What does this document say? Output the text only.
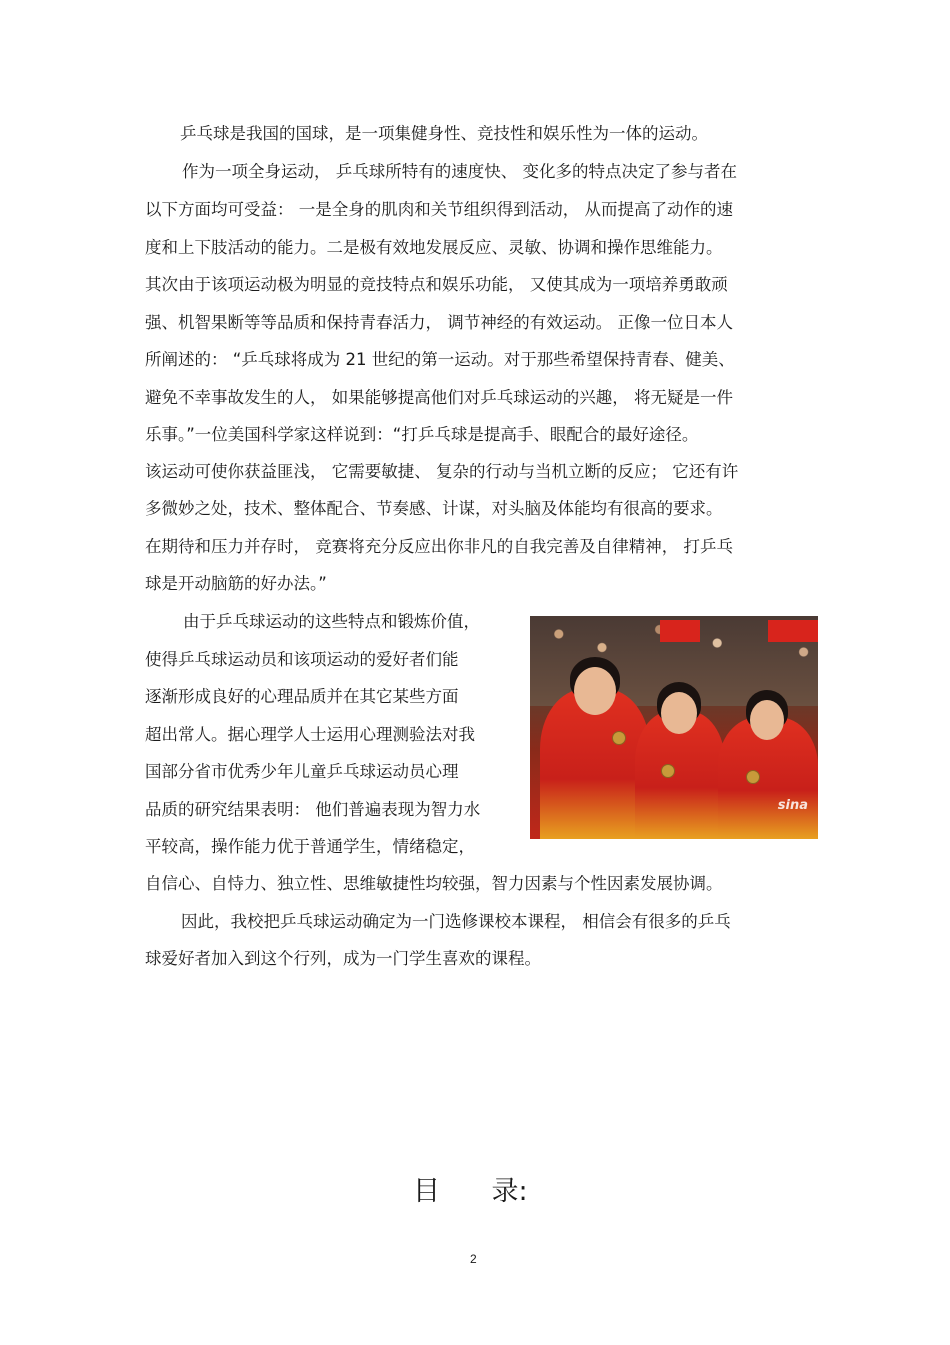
乒乓球是我国的国球，是一项集健身性、竞技性和娱乐性为一体的运动。
作为一项全身运动， 乒乓球所特有的速度快、 变化多的特点决定了参与者在
以下方面均可受益： 一是全身的肌肉和关节组织得到活动， 从而提高了动作的速
度和上下肢活动的能力。二是极有效地发展反应、灵敏、协调和操作思维能力。
其次由于该项运动极为明显的竞技特点和娱乐功能， 又使其成为一项培养勇敢顽
强、机智果断等等品质和保持青春活力， 调节神经的有效运动。 正像一位日本人
所阐述的： “乒乓球将成为 21 世纪的第一运动。对于那些希望保持青春、健美、
避免不幸事故发生的人， 如果能够提高他们对乒乓球运动的兴趣， 将无疑是一件
乐事。”一位美国科学家这样说到：“打乒乓球是提高手、眼配合的最好途径。
该运动可使你获益匪浅， 它需要敏捷、 复杂的行动与当机立断的反应； 它还有许
多微妙之处，技术、整体配合、节奏感、计谋，对头脑及体能均有很高的要求。
在期待和压力并存时， 竞赛将充分反应出你非凡的自我完善及自律精神， 打乒乓
球是开动脑筋的好办法。”
由于乒乓球运动的这些特点和锻炼价值，
使得乒乓球运动员和该项运动的爱好者们能
逐渐形成良好的心理品质并在其它某些方面
超出常人。据心理学人士运用心理测验法对我
国部分省市优秀少年儿童乒乓球运动员心理
品质的研究结果表明： 他们普遍表现为智力水
平较高，操作能力优于普通学生，情绪稳定，
自信心、自恃力、独立性、思维敏捷性均较强，智力因素与个性因素发展协调。
因此，我校把乒乓球运动确定为一门选修课校本课程， 相信会有很多的乒乓
球爱好者加入到这个行列，成为一门学生喜欢的课程。
sina
目      录:
2
